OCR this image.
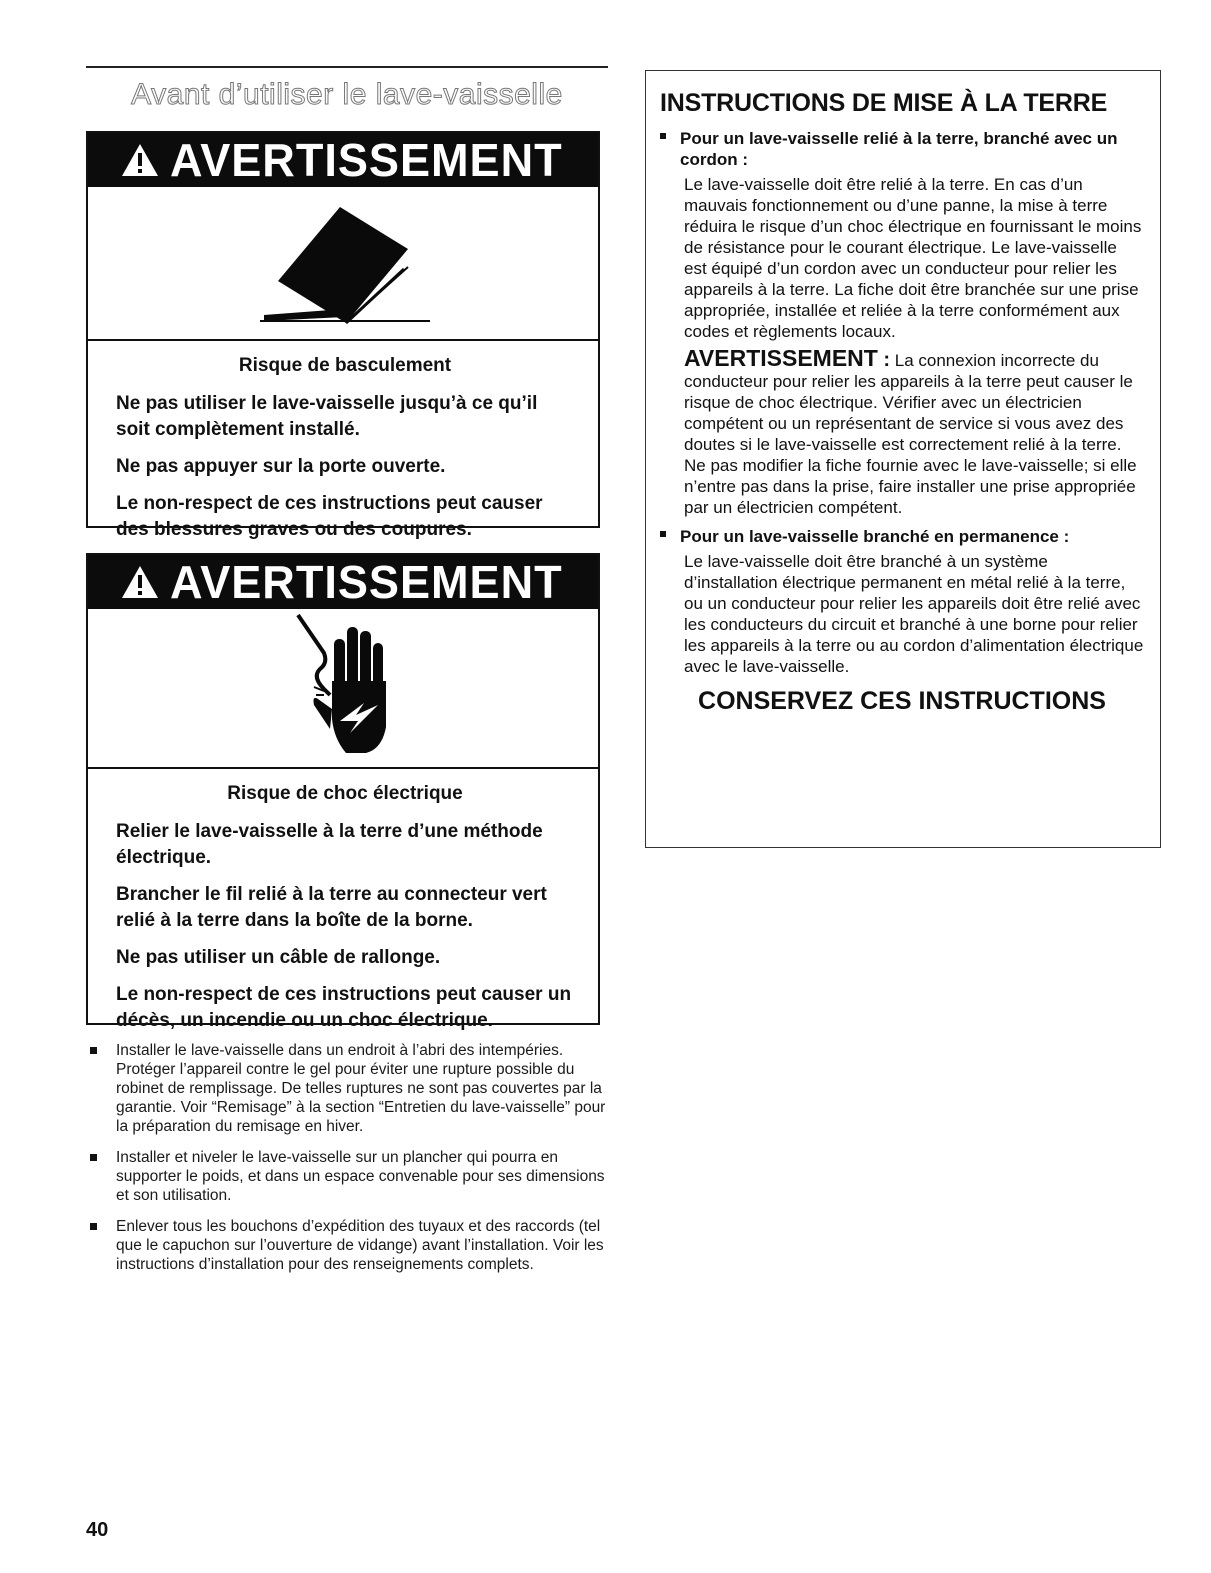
Avant d’utiliser le lave-vaisselle
AVERTISSEMENT
Risque de basculement
Ne pas utiliser le lave-vaisselle jusqu’à ce qu’il soit complètement installé.
Ne pas appuyer sur la porte ouverte.
Le non-respect de ces instructions peut causer des blessures graves ou des coupures.
AVERTISSEMENT
Risque de choc électrique
Relier le lave-vaisselle à la terre d’une méthode électrique.
Brancher le fil relié à la terre au connecteur vert relié à la terre dans la boîte de la borne.
Ne pas utiliser un câble de rallonge.
Le non-respect de ces instructions peut causer un décès, un incendie ou un choc électrique.
Installer le lave-vaisselle dans un endroit à l’abri des intempéries. Protéger l’appareil contre le gel pour éviter une rupture possible du robinet de remplissage. De telles ruptures ne sont pas couvertes par la garantie. Voir “Remisage” à la section “Entretien du lave-vaisselle” pour la préparation du remisage en hiver.
Installer et niveler le lave-vaisselle sur un plancher qui pourra en supporter le poids, et dans un espace convenable pour ses dimensions et son utilisation.
Enlever tous les bouchons d’expédition des tuyaux et des raccords (tel que le capuchon sur l’ouverture de vidange) avant l’installation. Voir les instructions d’installation pour des renseignements complets.
40
INSTRUCTIONS DE MISE À LA TERRE
Pour un lave-vaisselle relié à la terre, branché avec un cordon :
Le lave-vaisselle doit être relié à la terre. En cas d’un mauvais fonctionnement ou d’une panne, la mise à terre réduira le risque d’un choc électrique en fournissant le moins de résistance pour le courant électrique. Le lave-vaisselle est équipé d’un cordon avec un conducteur pour relier les appareils à la terre. La fiche doit être branchée sur une prise appropriée, installée et reliée à la terre conformément aux codes et règlements locaux.
AVERTISSEMENT : La connexion incorrecte du conducteur pour relier les appareils à la terre peut causer le risque de choc électrique. Vérifier avec un électricien compétent ou un représentant de service si vous avez des doutes si le lave-vaisselle est correctement relié à la terre. Ne pas modifier la fiche fournie avec le lave-vaisselle; si elle n’entre pas dans la prise, faire installer une prise appropriée par un électricien compétent.
Pour un lave-vaisselle branché en permanence :
Le lave-vaisselle doit être branché à un système d’installation électrique permanent en métal relié à la terre, ou un conducteur pour relier les appareils doit être relié avec les conducteurs du circuit et branché à une borne pour relier les appareils à la terre ou au cordon d’alimentation électrique avec le lave-vaisselle.
CONSERVEZ CES INSTRUCTIONS
